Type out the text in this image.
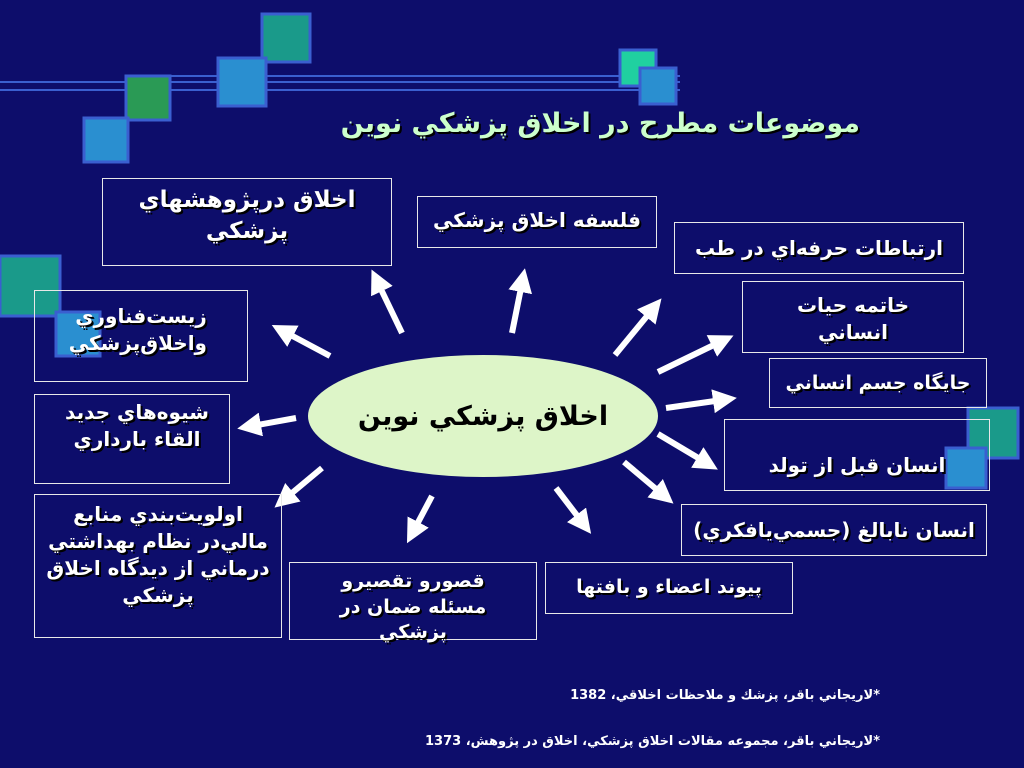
موضوعات مطرح در اخلاق پزشكي نوين
اخلاق پزشكي نوين
اخلاق درپژوهشهاي پزشكي	فلسفه اخلاق پزشكي
ارتباطات حرفه‌اي در طب
خاتمه حيات انساني
جايگاه جسم انساني
انسان قبل از تولد
انسان نابالغ (جسمي‌يافكري)
پيوند اعضاء و بافتها
قصورو تقصيرو مسئله ضمان در پزشكي
اولويت‌بندي منابع مالي‌در نظام بهداشتي درماني از ديدگاه اخلاق پزشكي
شيوه‌هاي جديد القاء بارداري
زيست‌فناوري واخلاق‌پزشكي
*لاريجاني باقر، پزشك و ملاحظات اخلاقي، 1382
*لاريجاني باقر، مجموعه مقالات اخلاق پزشكي، اخلاق در پژوهش، 1373
